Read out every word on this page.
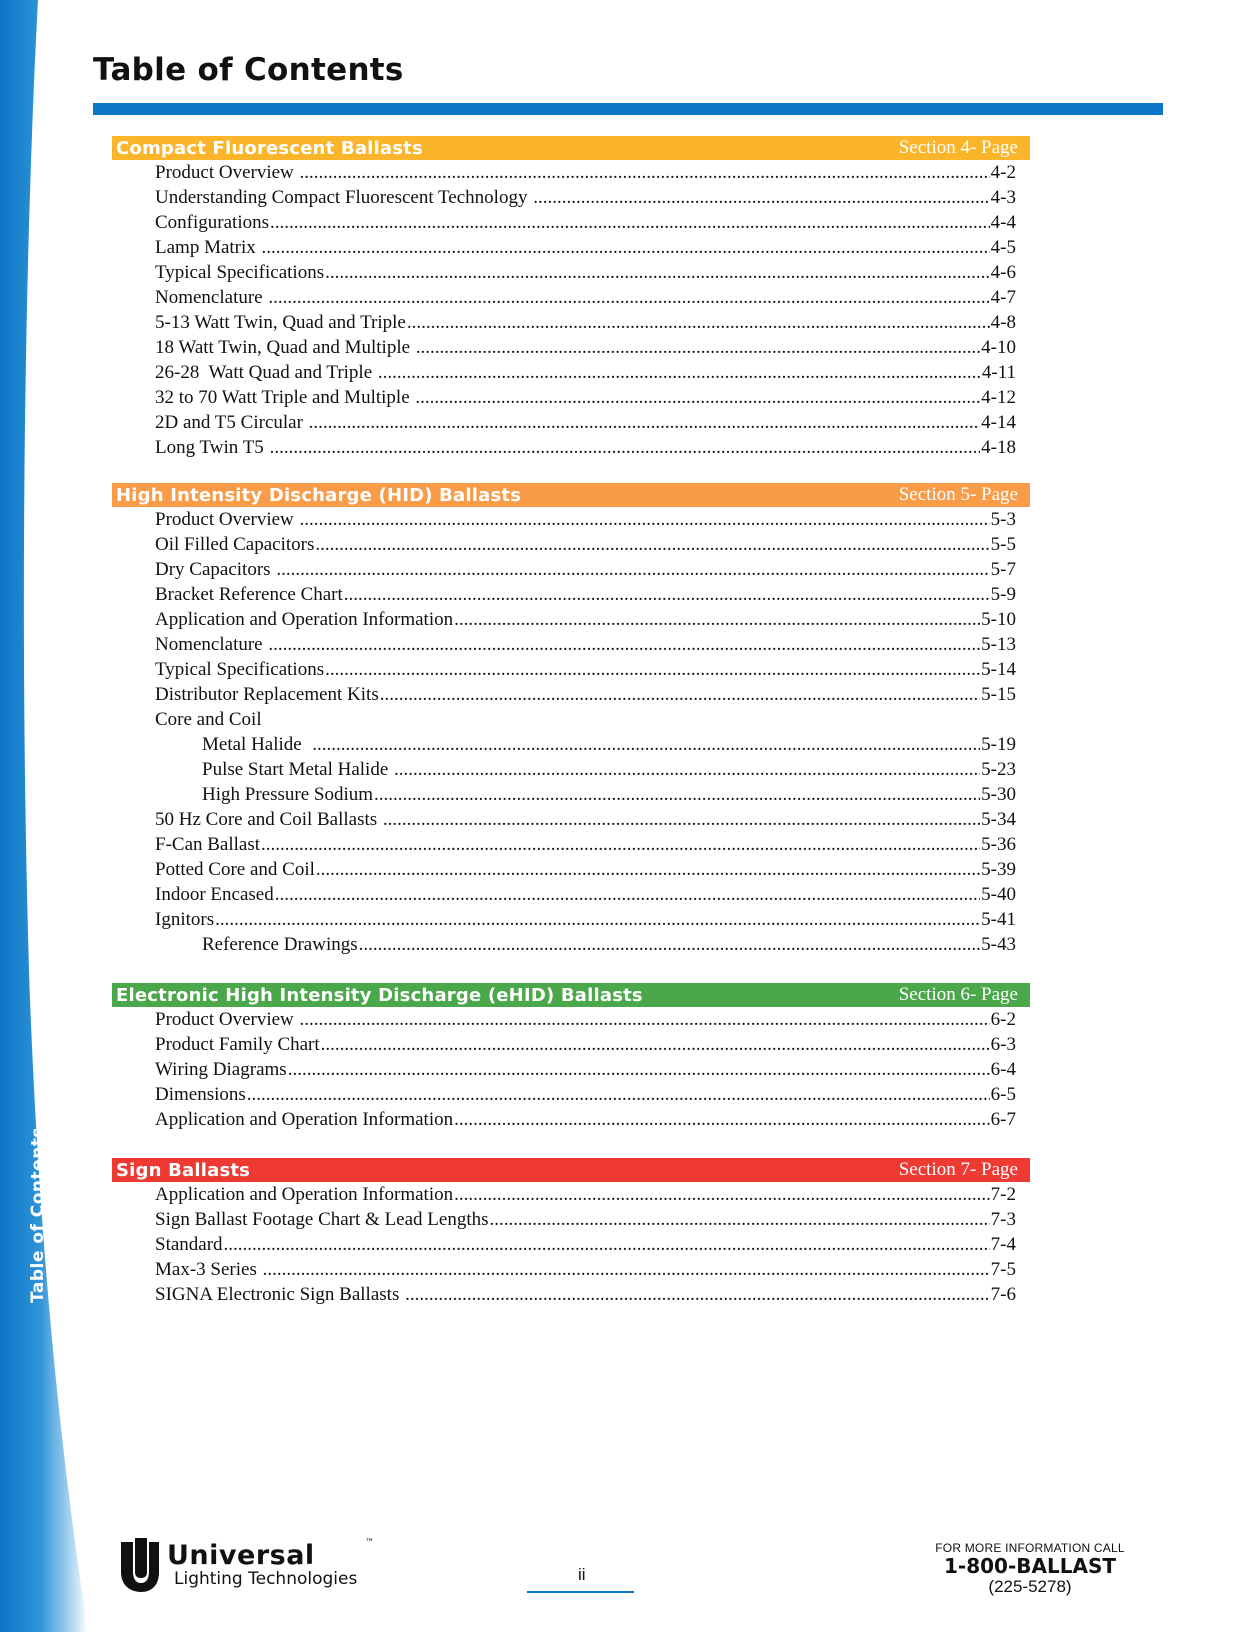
Table of Contents
Table of Contents
Compact Fluorescent Ballasts	Section 4- Page
Product Overview .....	4-2
Understanding Compact Fluorescent Technology .....	4-3
Configurations .....	4-4
Lamp Matrix .....	4-5
Typical Specifications .....	4-6
Nomenclature .....	4-7
5-13 Watt Twin, Quad and Triple .....	4-8
18 Watt Twin, Quad and Multiple .....	4-10
26-28  Watt Quad and Triple .....	4-11
32 to 70 Watt Triple and Multiple .....	4-12
2D and T5 Circular .....	4-14
Long Twin T5 .....	4-18
High Intensity Discharge (HID) Ballasts	Section 5- Page
Product Overview .....	5-3
Oil Filled Capacitors .....	5-5
Dry Capacitors .....	5-7
Bracket Reference Chart .....	5-9
Application and Operation Information .....	5-10
Nomenclature .....	5-13
Typical Specifications .....	5-14
Distributor Replacement Kits .....	5-15
Core and Coil
Metal Halide .....	5-19
Pulse Start Metal Halide .....	5-23
High Pressure Sodium .....	5-30
50 Hz Core and Coil Ballasts .....	5-34
F-Can Ballast .....	5-36
Potted Core and Coil .....	5-39
Indoor Encased .....	5-40
Ignitors .....	5-41
Reference Drawings .....	5-43
Electronic High Intensity Discharge (eHID) Ballasts	Section 6- Page
Product Overview .....	6-2
Product Family Chart .....	6-3
Wiring Diagrams .....	6-4
Dimensions .....	6-5
Application and Operation Information .....	6-7
Sign Ballasts	Section 7- Page
Application and Operation Information .....	7-2
Sign Ballast Footage Chart & Lead Lengths .....	7-3
Standard .....	7-4
Max-3 Series .....	7-5
SIGNA Electronic Sign Ballasts .....	7-6
Universal	™
Lighting Technologies	ii
FOR MORE INFORMATION CALL
1-800-BALLAST
(225-5278)
